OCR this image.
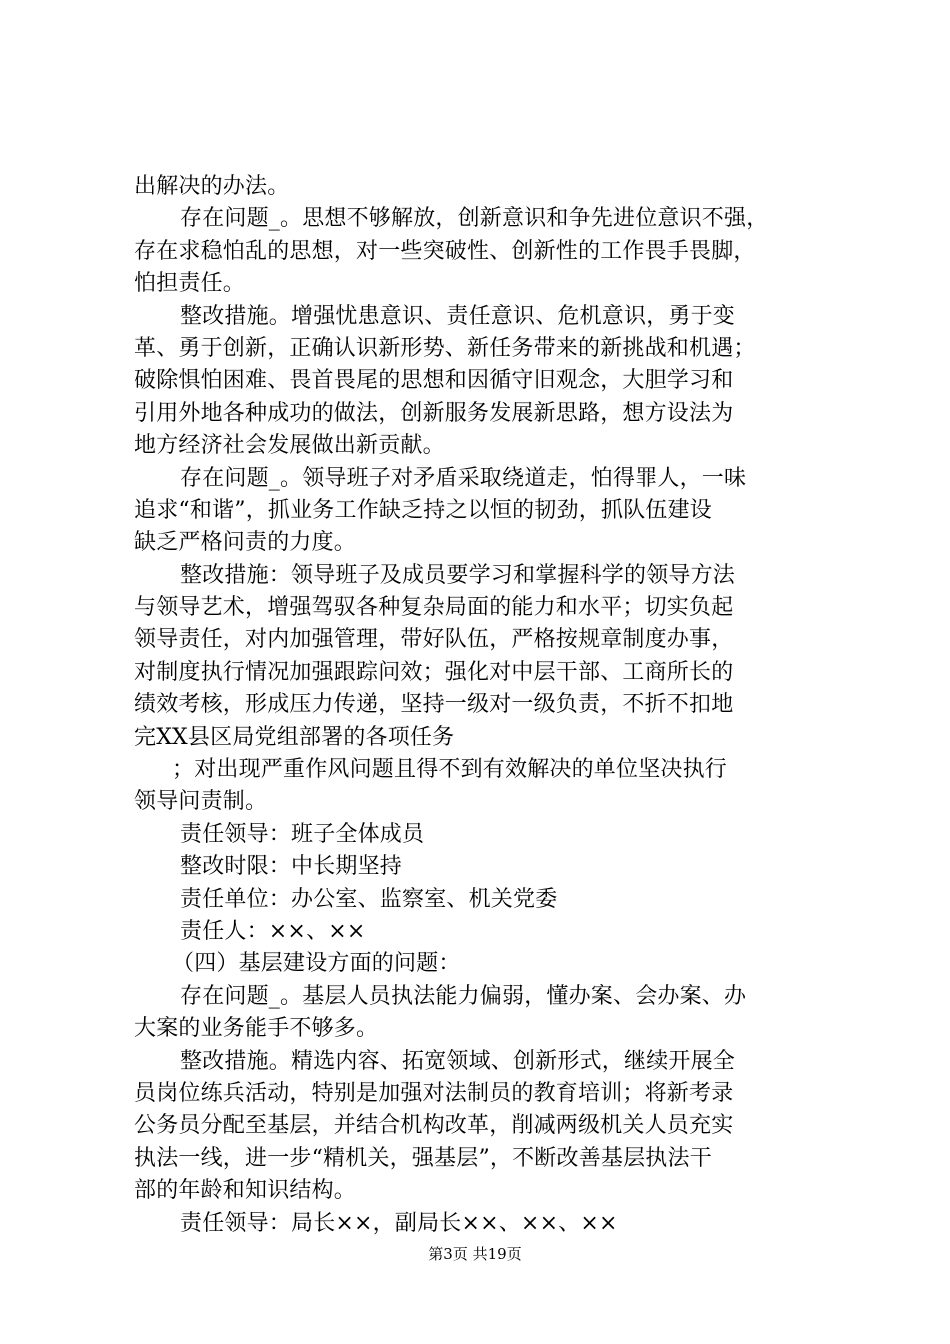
出解决的办法。
存在问题_。思想不够解放，创新意识和争先进位意识不强，
存在求稳怕乱的思想，对一些突破性、创新性的工作畏手畏脚，
怕担责任。
整改措施。增强忧患意识、责任意识、危机意识，勇于变
革、勇于创新，正确认识新形势、新任务带来的新挑战和机遇；
破除惧怕困难、畏首畏尾的思想和因循守旧观念，大胆学习和
引用外地各种成功的做法，创新服务发展新思路，想方设法为
地方经济社会发展做出新贡献。
存在问题_。领导班子对矛盾采取绕道走，怕得罪人，一味
追求“和谐”，抓业务工作缺乏持之以恒的韧劲，抓队伍建设
缺乏严格问责的力度。
整改措施：领导班子及成员要学习和掌握科学的领导方法
与领导艺术，增强驾驭各种复杂局面的能力和水平；切实负起
领导责任，对内加强管理，带好队伍，严格按规章制度办事，
对制度执行情况加强跟踪问效；强化对中层干部、工商所长的
绩效考核，形成压力传递，坚持一级对一级负责，不折不扣地
完XX县区局党组部署的各项任务
；对出现严重作风问题且得不到有效解决的单位坚决执行
领导问责制。
责任领导：班子全体成员
整改时限：中长期坚持
责任单位：办公室、监察室、机关党委
责任人：××、××
（四）基层建设方面的问题：
存在问题_。基层人员执法能力偏弱，懂办案、会办案、办
大案的业务能手不够多。
整改措施。精选内容、拓宽领域、创新形式，继续开展全
员岗位练兵活动，特别是加强对法制员的教育培训；将新考录
公务员分配至基层，并结合机构改革，削减两级机关人员充实
执法一线，进一步“精机关，强基层”，不断改善基层执法干
部的年龄和知识结构。
责任领导：局长××，副局长××、××、××
第3页 共19页
